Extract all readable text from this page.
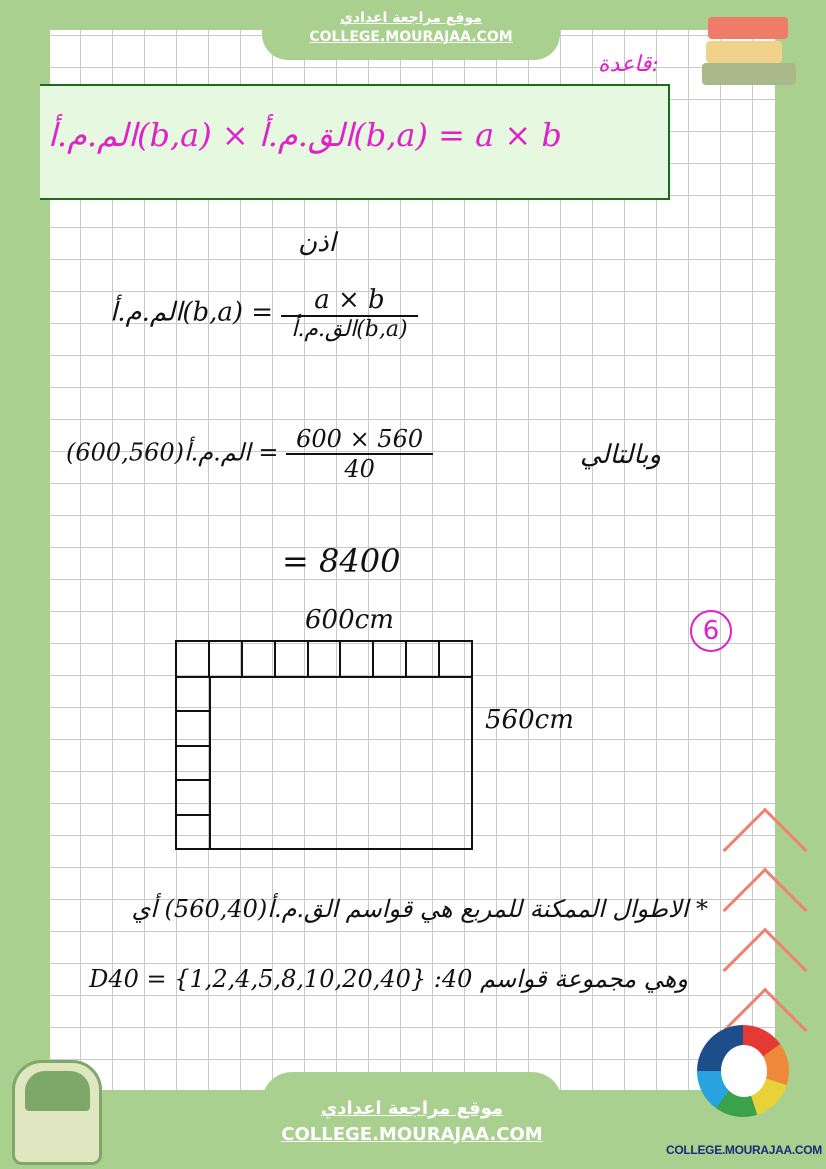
موقع مراجعة اعدادي
COLLEGE.MOURAJAA.COM
قاعدة:
الم.م.أ(b,a) × الق.م.أ(b,a) = a × b
اذن
الم.م.أ(b,a) = $\frac{a \times b}{\text{الق.م.أ(b,a)}}$
وبالتالي
الم.م.أ(600,560) = $\frac{600 \times 560}{40}$
= 8400
600cm
560cm
6
* الاطوال الممكنة للمربع هي قواسم الق.م.أ(560,40) أي
وهي مجموعة قواسم 40: D40 = {1,2,4,5,8,10,20,40}
موقع مراجعة اعدادي
COLLEGE.MOURAJAA.COM
COLLEGE.MOURAJAA.COM
